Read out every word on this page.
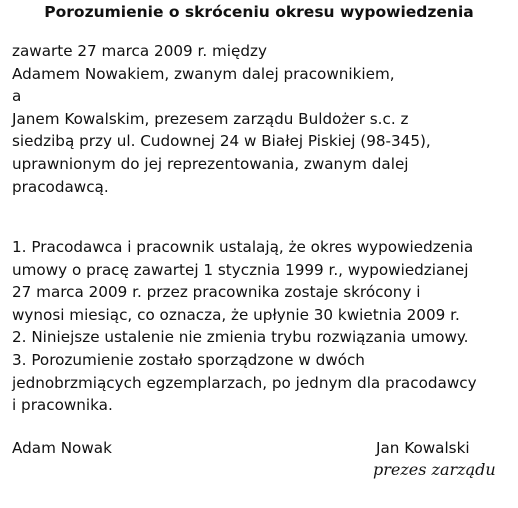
Porozumienie o skróceniu okresu wypowiedzenia
zawarte 27 marca 2009 r. między
Adamem Nowakiem, zwanym dalej pracownikiem,
a
Janem Kowalskim, prezesem zarządu Buldożer s.c. z
siedzibą przy ul. Cudownej 24 w Białej Piskiej (98-345),
uprawnionym do jej reprezentowania, zwanym dalej
pracodawcą.
1. Pracodawca i pracownik ustalają, że okres wypowiedzenia
umowy o pracę zawartej 1 stycznia 1999 r., wypowiedzianej
27 marca 2009 r. przez pracownika zostaje skrócony i
wynosi miesiąc, co oznacza, że upłynie 30 kwietnia 2009 r.
2. Niniejsze ustalenie nie zmienia trybu rozwiązania umowy.
3. Porozumienie zostało sporządzone w dwóch
jednobrzmiących egzemplarzach, po jednym dla pracodawcy
i pracownika.
Adam Nowak	Jan Kowalski
prezes zarządu
